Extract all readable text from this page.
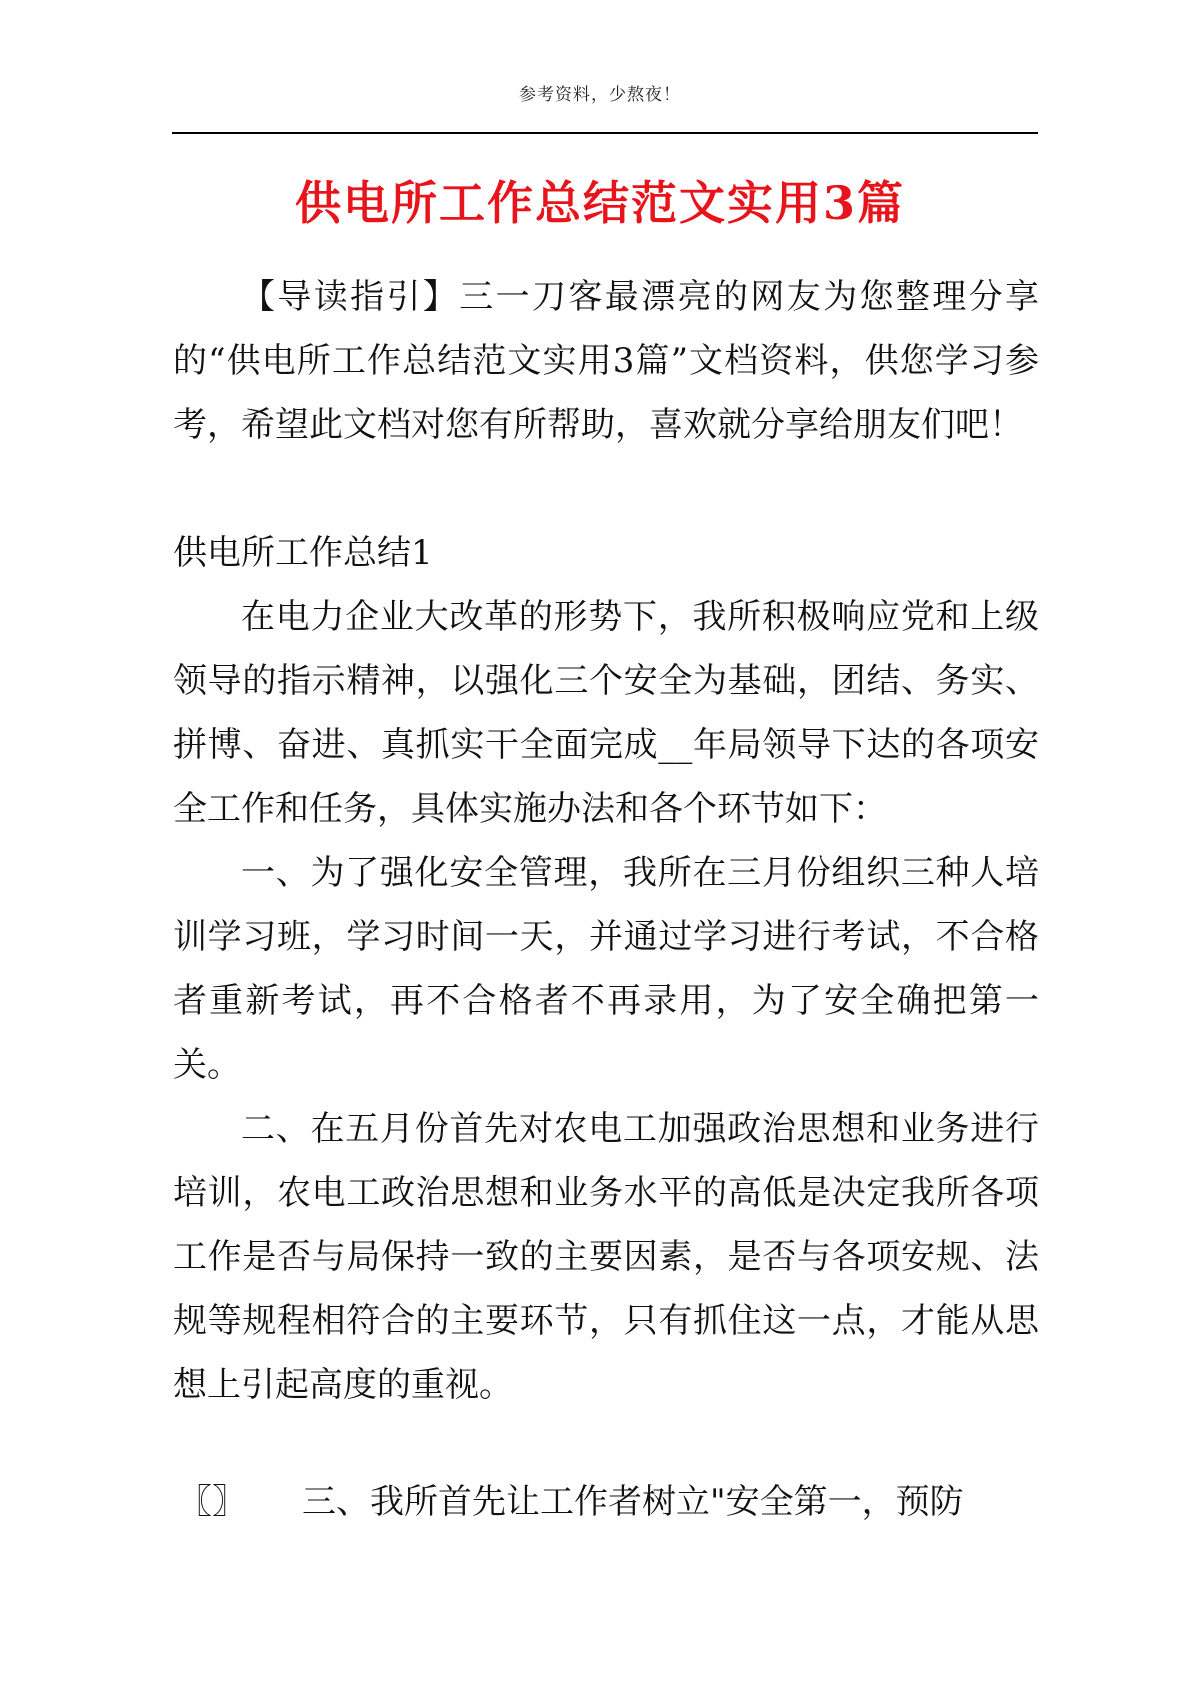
参考资料，少熬夜！
供电所工作总结范文实用3篇

【导读指引】三一刀客最漂亮的网友为您整理分享的“供电所工作总结范文实用3篇”文档资料，供您学习参考，希望此文档对您有所帮助，喜欢就分享给朋友们吧！

供电所工作总结1

在电力企业大改革的形势下，我所积极响应党和上级领导的指示精神，以强化三个安全为基础，团结、务实、拼博、奋进、真抓实干全面完成__年局领导下达的各项安全工作和任务，具体实施办法和各个环节如下：

一、为了强化安全管理，我所在三月份组织三种人培训学习班，学习时间一天，并通过学习进行考试，不合格者重新考试，再不合格者不再录用，为了安全确把第一关。

二、在五月份首先对农电工加强政治思想和业务进行培训，农电工政治思想和业务水平的高低是决定我所各项工作是否与局保持一致的主要因素，是否与各项安规、法规等规程相符合的主要环节，只有抓住这一点，才能从思想上引起高度的重视。

〖〗 三、我所首先让工作者树立"安全第一，预防
